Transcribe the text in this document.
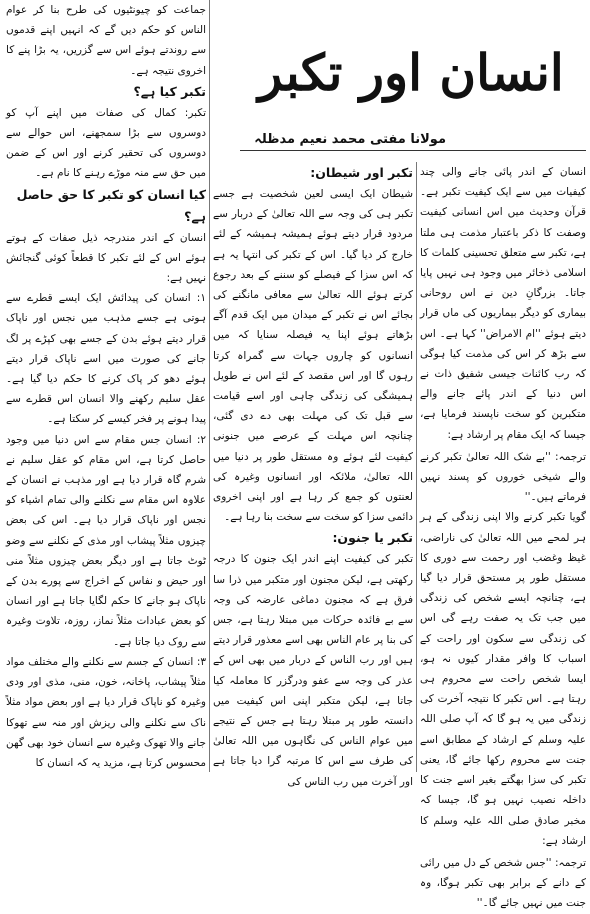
انسان کے اندر پائی جانے والی چند کیفیات میں سے ایک کیفیت تکبر ہے۔ قرآن وحدیث میں اس انسانی کیفیت وصفت کا ذکر باعتبار مذمت ہی ملتا ہے، تکبر سے متعلق تحسینی کلمات کا اسلامی ذخائر میں وجود ہی نہیں پایا جاتا۔ بزرگانِ دین نے اس روحانی بیماری کو دیگر بیماریوں کی ماں قرار دیتے ہوئے ''ام الامراض'' کہا ہے۔ اس سے بڑھ کر اس کی مذمت کیا ہوگی کہ رب کائنات جیسی شفیق ذات نے اس دنیا کے اندر پائے جانے والے متکبرین کو سخت ناپسند فرمایا ہے، جیسا کہ ایک مقام پر ارشاد ہے:

ترجمہ: ''بے شک اللہ تعالیٰ تکبر کرنے والے شیخی خوروں کو پسند نہیں فرماتے ہیں۔''

گویا تکبر کرنے والا اپنی زندگی کے ہر ہر لمحے میں اللہ تعالیٰ کی ناراضی، غیظ وغضب اور رحمت سے دوری کا مستقل طور پر مستحق قرار دیا گیا ہے، چنانچہ ایسے شخص کی زندگی میں جب تک یہ صفت رہے گی اس کی زندگی سے سکون اور راحت کے اسباب کا وافر مقدار کیوں نہ ہو، ایسا شخص راحت سے محروم ہی رہتا ہے۔ اس تکبر کا نتیجہ آخرت کی زندگی میں یہ ہو گا کہ آپ صلی اللہ علیہ وسلم کے ارشاد کے مطابق اسے جنت سے محروم رکھا جائے گا، یعنی تکبر کی سزا بھگتے بغیر اسے جنت کا داخلہ نصیب نہیں ہو گا، جیسا کہ مخبر صادق صلی اللہ علیہ وسلم کا ارشاد ہے:

ترجمہ: ''جس شخص کے دل میں رائی کے دانے کے برابر بھی تکبر ہوگا، وہ جنت میں نہیں جائے گا۔''

تکبر اور شیطان:

شیطان ایک ایسی لعین شخصیت ہے جسے تکبر ہی کی وجہ سے اللہ تعالیٰ کے دربار سے مردود قرار دیتے ہوئے ہمیشہ ہمیشہ کے لئے خارج کر دیا گیا۔ اس کے تکبر کی انتہا یہ ہے کہ اس سزا کے فیصلے کو سننے کے بعد رجوع کرتے ہوئے اللہ تعالیٰ سے معافی مانگنے کی بجائے اس نے تکبر کے میدان میں ایک قدم آگے بڑھاتے ہوئے اپنا یہ فیصلہ سنایا کہ میں انسانوں کو چاروں جہات سے گمراہ کرتا رہوں گا اور اس مقصد کے لئے اس نے طویل ہمیشگی کی زندگی چاہی اور اسے قیامت سے قبل تک کی مہلت بھی دے دی گئی، چنانچہ اس مہلت کے عرصے میں جنونی کیفیت لئے ہوئے وہ مستقل طور پر دنیا میں اللہ تعالیٰ، ملائکہ اور انسانوں وغیرہ کی لعنتوں کو جمع کر رہا ہے اور اپنی اخروی دائمی سزا کو سخت سے سخت بنا رہا ہے۔

تکبر یا جنون:

تکبر کی کیفیت اپنے اندر ایک جنون کا درجہ رکھتی ہے، لیکن مجنون اور متکبر میں ذرا سا فرق ہے کہ مجنون دماغی عارضہ کی وجہ سے بے فائدہ حرکات میں مبتلا رہتا ہے، جس کی بنا پر عام الناس بھی اسے معذور قرار دیتے ہیں اور رب الناس کے دربار میں بھی اس کے عذر کی وجہ سے عفو ودرگزر کا معاملہ کیا جاتا ہے، لیکن متکبر اپنی اس کیفیت میں دانستہ طور پر مبتلا رہتا ہے جس کے نتیجے میں عوام الناس کی نگاہوں میں اللہ تعالیٰ کی طرف سے اس کا مرتبہ گرا دیا جاتا ہے اور آخرت میں رب الناس کی

جماعت کو چیونٹیوں کی طرح بنا کر عوام الناس کو حکم دیں گے کہ انہیں اپنے قدموں سے روندتے ہوئے اس سے گزریں، یہ بڑا پنے کا اخروی نتیجہ ہے۔

تکبر کیا ہے؟

تکبر: کمال کی صفات میں اپنے آپ کو دوسروں سے بڑا سمجھنے، اس حوالے سے دوسروں کی تحقیر کرنے اور اس کے ضمن میں حق سے منہ موڑے رہنے کا نام ہے۔

کیا انسان کو تکبر کا حق حاصل ہے؟

انسان کے اندر مندرجہ ذیل صفات کے ہوتے ہوئے اس کے لئے تکبر کا قطعاً کوئی گنجائش نہیں ہے:

۱: انسان کی پیدائش ایک ایسے قطرے سے ہوتی ہے جسے مذہب میں نجس اور ناپاک قرار دیتے ہوئے بدن کے جسے بھی کپڑے پر لگ جانے کی صورت میں اسے ناپاک قرار دیتے ہوئے دھو کر پاک کرنے کا حکم دیا گیا ہے۔ عقل سلیم رکھنے والا انسان اس قطرے سے پیدا ہونے پر فخر کیسے کر سکتا ہے۔

۲: انسان جس مقام سے اس دنیا میں وجود حاصل کرتا ہے، اس مقام کو عقل سلیم نے شرم گاہ قرار دیا ہے اور مذہب نے انسان کے علاوہ اس مقام سے نکلنے والی تمام اشیاء کو نجس اور ناپاک قرار دیا ہے۔ اس کی بعض چیزوں مثلاً پیشاب اور مذی کے نکلنے سے وضو ٹوٹ جاتا ہے اور دیگر بعض چیزوں مثلاً منی اور حیض و نفاس کے اخراج سے پورے بدن کے ناپاک ہو جانے کا حکم لگایا جاتا ہے اور انسان کو بعض عبادات مثلاً نماز، روزہ، تلاوت وغیرہ سے روک دیا جاتا ہے۔

۳: انسان کے جسم سے نکلنے والے مختلف مواد مثلاً پیشاب، پاخانہ، خون، منی، مذی اور ودی وغیرہ کو ناپاک قرار دیا ہے اور بعض مواد مثلاً ناک سے نکلنے والی ریزش اور منہ سے تھوکا جانے والا تھوک وغیرہ سے انسان خود بھی گھن محسوس کرتا ہے، مزید یہ کہ انسان کا

انسان اور تکبر
مولانا مفتی محمد نعیم مدظلہ
